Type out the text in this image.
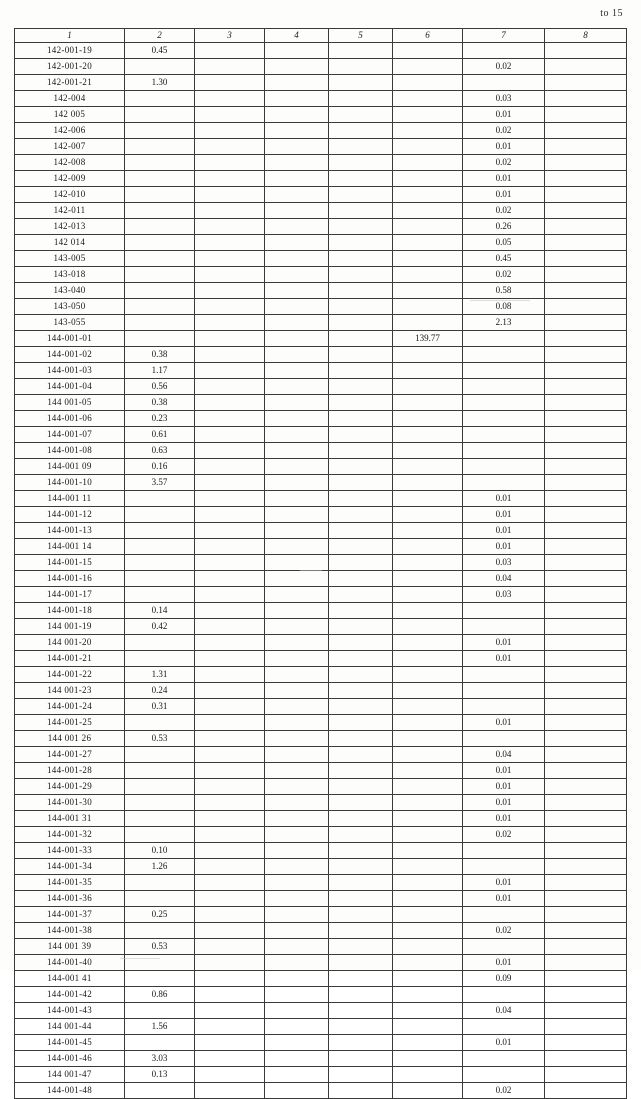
to 15
1	2	3	4	5	6	7	8
142-001-19	0.45						
142-001-20						0.02	
142-001-21	1.30						
142-004						0.03	
142 005						0.01	
142-006						0.02	
142-007						0.01	
142-008						0.02	
142-009						0.01	
142-010						0.01	
142-011						0.02	
142-013						0.26	
142 014						0.05	
143-005						0.45	
143-018						0.02	
143-040						0.58	
143-050						0.08	
143-055						2.13	
144-001-01					139.77		
144-001-02	0.38						
144-001-03	1.17						
144-001-04	0.56						
144 001-05	0.38						
144-001-06	0.23						
144-001-07	0.61						
144-001-08	0.63						
144-001 09	0.16						
144-001-10	3.57						
144-001 11						0.01	
144-001-12						0.01	
144-001-13						0.01	
144-001 14						0.01	
144-001-15						0.03	
144-001-16						0.04	
144-001-17						0.03	
144-001-18	0.14						
144 001-19	0.42						
144 001-20						0.01	
144-001-21						0.01	
144-001-22	1.31						
144 001-23	0.24						
144-001-24	0.31						
144-001-25						0.01	
144 001 26	0.53						
144-001-27						0.04	
144-001-28						0.01	
144-001-29						0.01	
144-001-30						0.01	
144-001 31						0.01	
144-001-32						0.02	
144-001-33	0.10						
144-001-34	1.26						
144-001-35						0.01	
144-001-36						0.01	
144-001-37	0.25						
144-001-38						0.02	
144 001 39	0.53						
144-001-40						0.01	
144-001 41						0.09	
144-001-42	0.86						
144-001-43						0.04	
144 001-44	1.56						
144-001-45						0.01	
144-001-46	3.03						
144 001-47	0.13						
144-001-48						0.02	
